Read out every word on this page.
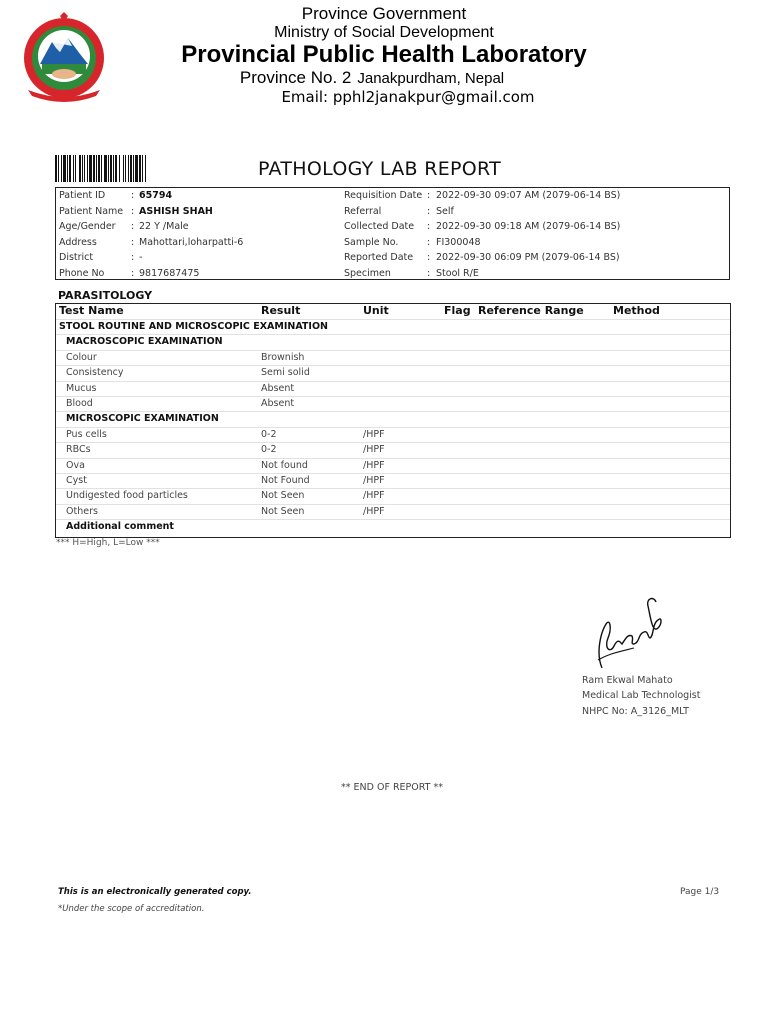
Province Government
Ministry of Social Development
Provincial Public Health Laboratory
Province No. 2 Janakpurdham, Nepal
Email: pphl2janakpur@gmail.com
PATHOLOGY LAB REPORT
Patient ID	: 65794	Requisition Date : 2022-09-30 09:07 AM (2079-06-14 BS)
Patient Name : ASHISH SHAH	Referral	: Self
Age/Gender : 22 Y /Male	Collected Date : 2022-09-30 09:18 AM (2079-06-14 BS)
Address	: Mahottari,loharpatti-6	Sample No.	: FI300048
District	: -	Reported Date : 2022-09-30 06:09 PM (2079-06-14 BS)
Phone No	: 9817687475	Specimen	: Stool R/E
PARASITOLOGY
Test Name	Result	Unit	Flag Reference Range	Method
STOOL ROUTINE AND MICROSCOPIC EXAMINATION
MACROSCOPIC EXAMINATION
Colour	Brownish
Consistency	Semi solid
Mucus	Absent
Blood	Absent
MICROSCOPIC EXAMINATION
Pus cells	0-2	/HPF
RBCs	0-2	/HPF
Ova	Not found	/HPF
Cyst	Not Found	/HPF
Undigested food particles	Not Seen	/HPF
Others	Not Seen	/HPF
Additional comment
*** H=High, L=Low ***
Ram Ekwal Mahato
Medical Lab Technologist
NHPC No: A_3126_MLT
** END OF REPORT **
This is an electronically generated copy.
*Under the scope of accreditation.
Page 1/3
